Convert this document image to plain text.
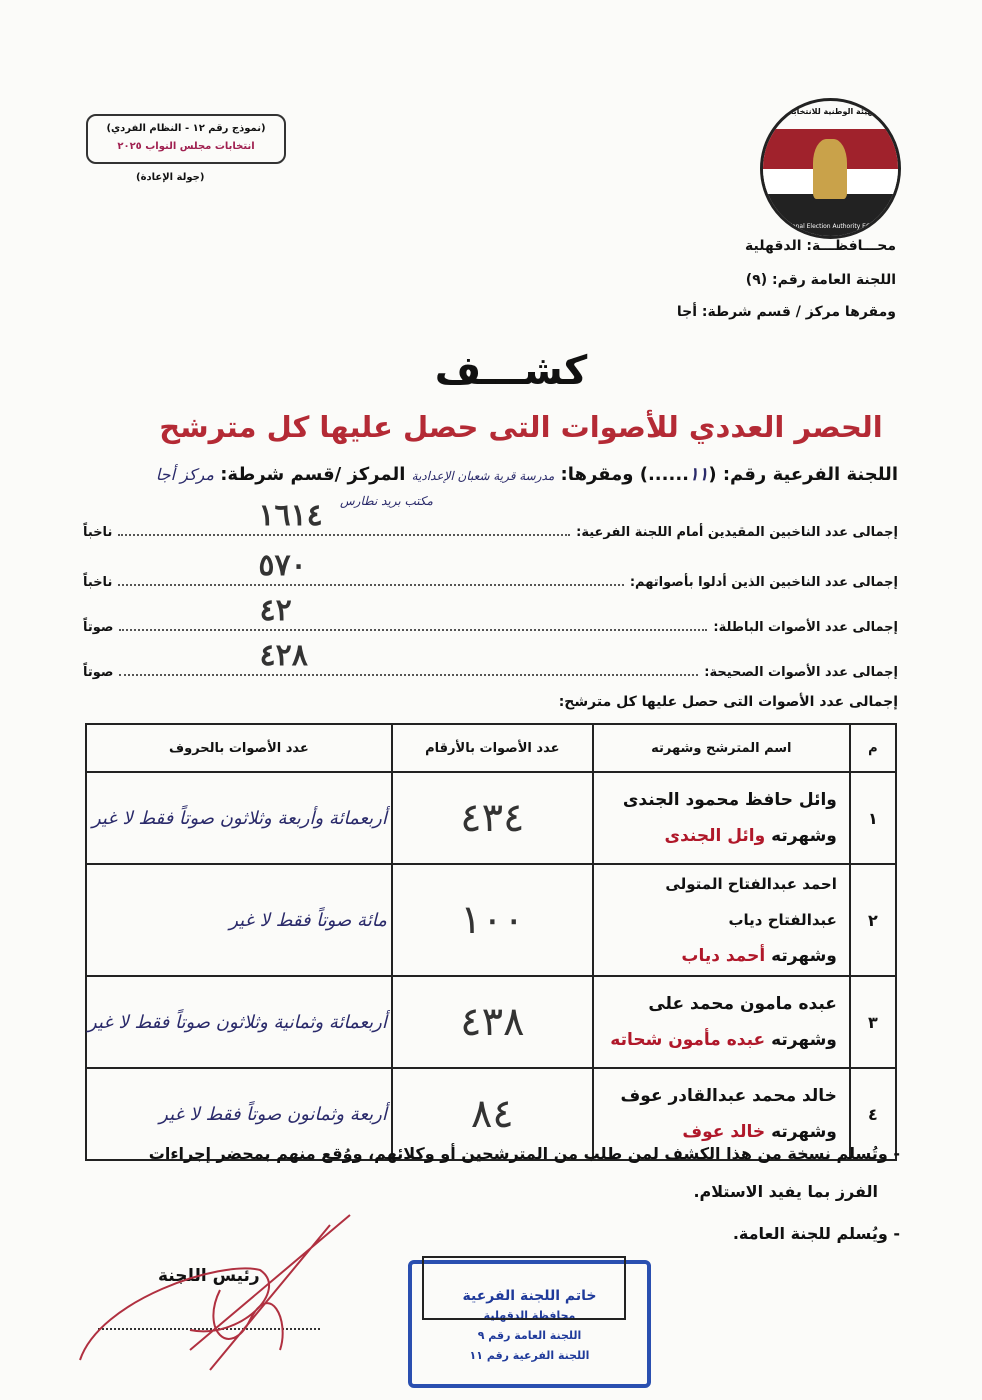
(نموذج رقم ١٢ - النظام الفردي)
انتخابات مجلس النواب ٢٠٢٥
(جولة الإعادة)
الهيئة الوطنية للانتخابات
National Election Authority EGYPT
محـــافظـــة: الدقهلية
اللجنة العامة رقم: (٩)
ومقرها مركز / قسم شرطة: أجا
كشـــف
الحصر العددي للأصوات التى حصل عليها كل مترشح
اللجنة الفرعية رقم: (١١......) ومقرها: مدرسة قرية شعبان الإعدادية المركز /قسم شرطة: مركز أجا
مكتب بريد نطارس
إجمالى عدد الناخبين المقيدين أمام اللجنة الفرعية:
١٦١٤
ناخباً
إجمالى عدد الناخبين الذين أدلوا بأصواتهم:
٥٧٠
ناخباً
إجمالى عدد الأصوات الباطلة:
٤٢
صوتاً
إجمالى عدد الأصوات الصحيحة:
٤٢٨
صوتاً
إجمالى عدد الأصوات التى حصل عليها كل مترشح:
م	اسم المترشح وشهرته	عدد الأصوات بالأرقام	عدد الأصوات بالحروف
١	وائل حافظ محمود الجندى
وشهرته وائل الجندى	٤٣٤	أربعمائة وأربعة وثلاثون صوتاً فقط لا غير
٢	احمد عبدالفتاح المتولى عبدالفتاح دياب
وشهرته أحمد دياب	١٠٠	مائة صوتاً فقط لا غير
٣	عبده مامون محمد على
وشهرته عبده مأمون شحاته	٤٣٨	أربعمائة وثمانية وثلاثون صوتاً فقط لا غير
٤	خالد محمد عبدالقادر عوف
وشهرته خالد عوف	٨٤	أربعة وثمانون صوتاً فقط لا غير
- وتُسلم نسخة من هذا الكشف لمن طلب من المترشحين أو وكلائهم، ووُقع منهم بمحضر إجراءات
الفرز بما يفيد الاستلام.
- ويُسلم للجنة العامة.
رئيس اللجنة
خاتم اللجنة الفرعية
محافظة الدقهلية
اللجنة العامة رقم ٩
اللجنة الفرعية رقم ١١
